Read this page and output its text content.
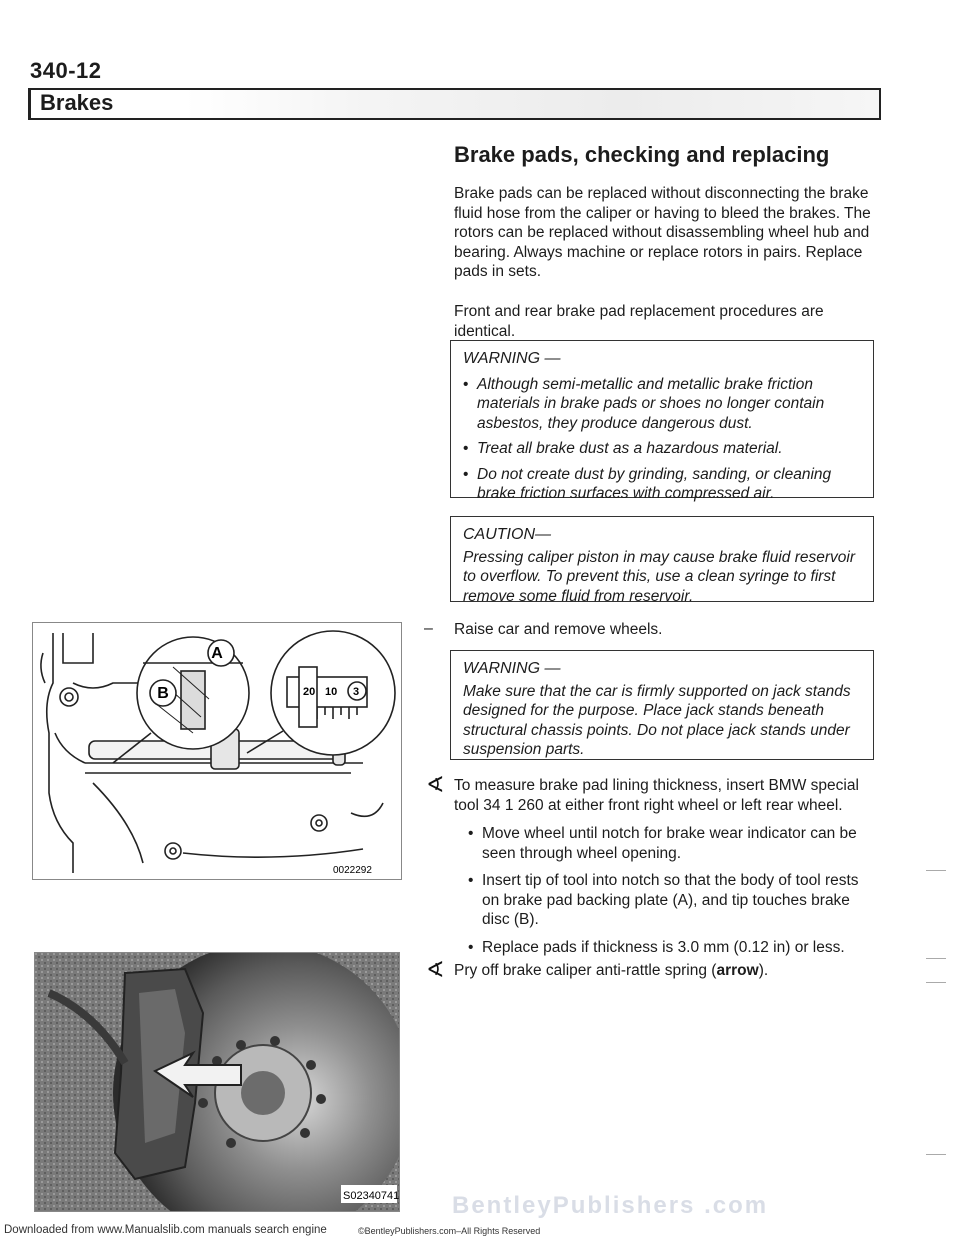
340-12
Brakes
Brake pads, checking and replacing
Brake pads can be replaced without disconnecting the brake fluid hose from the caliper or having to bleed the brakes. The rotors can be replaced without disassembling wheel hub and bearing. Always machine or replace rotors in pairs. Replace pads in sets.
Front and rear brake pad replacement procedures are identical.
WARNING —
• Although semi-metallic and metallic brake friction materials in brake pads or shoes no longer contain asbestos, they produce dangerous dust.
• Treat all brake dust as a hazardous material.
• Do not create dust by grinding, sanding, or cleaning brake friction surfaces with compressed air.
CAUTION—
Pressing caliper piston in may cause brake fluid reservoir to overflow. To prevent this, use a clean syringe to first remove some fluid from reservoir.
– Raise car and remove wheels.
WARNING —
Make sure that the car is firmly supported on jack stands designed for the purpose. Place jack stands beneath structural chassis points. Do not place jack stands under suspension parts.
∢ To measure brake pad lining thickness, insert BMW special tool 34 1 260 at either front right wheel or left rear wheel.
• Move wheel until notch for brake wear indicator can be seen through wheel opening.
• Insert tip of tool into notch so that the body of tool rests on brake pad backing plate (A), and tip touches brake disc (B).
• Replace pads if thickness is 3.0 mm (0.12 in) or less.
∢ Pry off brake caliper anti-rattle spring (arrow).
A
B	20 10 3
0022292
S02340741 BentleyPublishers .com
Downloaded from www.Manualslib.com manuals search engine	©BentleyPublishers.com–All Rights Reserved
